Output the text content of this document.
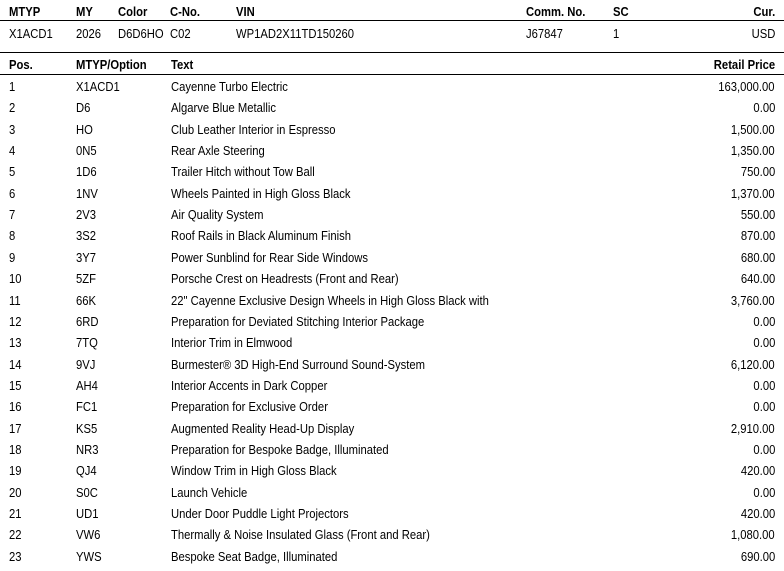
MTYP	MY Color C-No.	VIN	Comm. No. SC	Cur.
X1ACD1 2026 D6D6HO C02	WP1AD2X11TD150260	J67847	1	USD
Pos.	MTYP/Option Text	Retail Price
1	X1ACD1	Cayenne Turbo Electric	163,000.00
2	D6	Algarve Blue Metallic	0.00
3	HO	Club Leather Interior in Espresso	1,500.00
4	0N5	Rear Axle Steering	1,350.00
5	1D6	Trailer Hitch without Tow Ball	750.00
6	1NV	Wheels Painted in High Gloss Black	1,370.00
7	2V3	Air Quality System	550.00
8	3S2	Roof Rails in Black Aluminum Finish	870.00
9	3Y7	Power Sunblind for Rear Side Windows	680.00
10	5ZF	Porsche Crest on Headrests (Front and Rear)	640.00
11	66K	22" Cayenne Exclusive Design Wheels in High Gloss Black with	3,760.00
12	6RD	Preparation for Deviated Stitching Interior Package	0.00
13	7TQ	Interior Trim in Elmwood	0.00
14	9VJ	Burmester® 3D High-End Surround Sound-System	6,120.00
15	AH4	Interior Accents in Dark Copper	0.00
16	FC1	Preparation for Exclusive Order	0.00
17	KS5	Augmented Reality Head-Up Display	2,910.00
18	NR3	Preparation for Bespoke Badge, Illuminated	0.00
19	QJ4	Window Trim in High Gloss Black	420.00
20	S0C	Launch Vehicle	0.00
21	UD1	Under Door Puddle Light Projectors	420.00
22	VW6	Thermally & Noise Insulated Glass (Front and Rear)	1,080.00
23	YWS	Bespoke Seat Badge, Illuminated	690.00
